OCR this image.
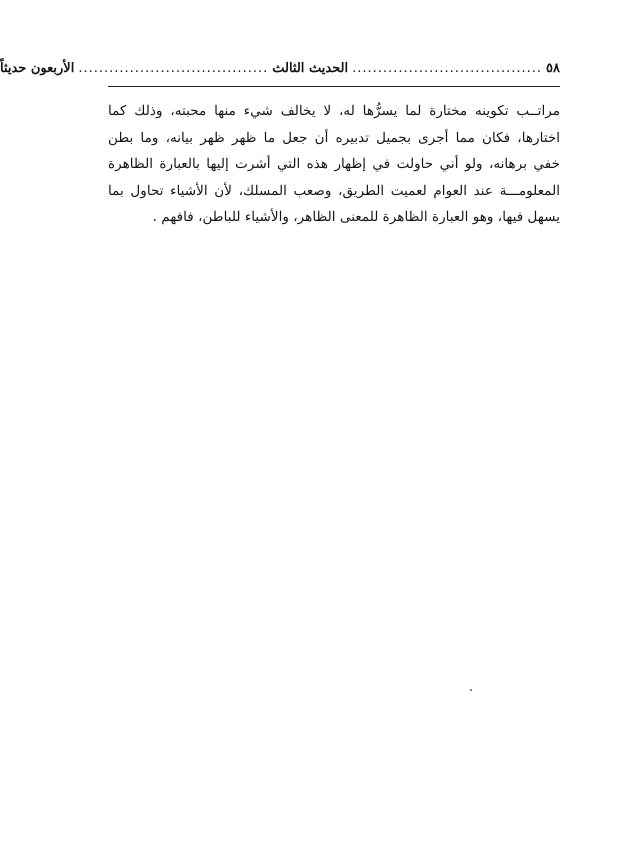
٥٨
.....................................
الحديث الثالث
.....................................
الأربعون حديثاً
مراتــب تكوينه مختارة لما يسرُّها له، لا يخالف شيء منها محبته، وذلك كما
اختارها، فكان مما أجرى بجميل تدبيره أن جعل ما ظهر ظهر بيانه، وما بطن
خفي برهانه، ولو أني حاولت في إظهار هذه التي أشرت إليها بالعبارة الظاهرة
المعلومـــة عند العوام لعميت الطريق، وصعب المسلك، لأن الأشياء تحاول بما
يسهل فيها، وهو العبارة الظاهرة للمعنى الظاهر، والأشياء للباطن، فافهم .
